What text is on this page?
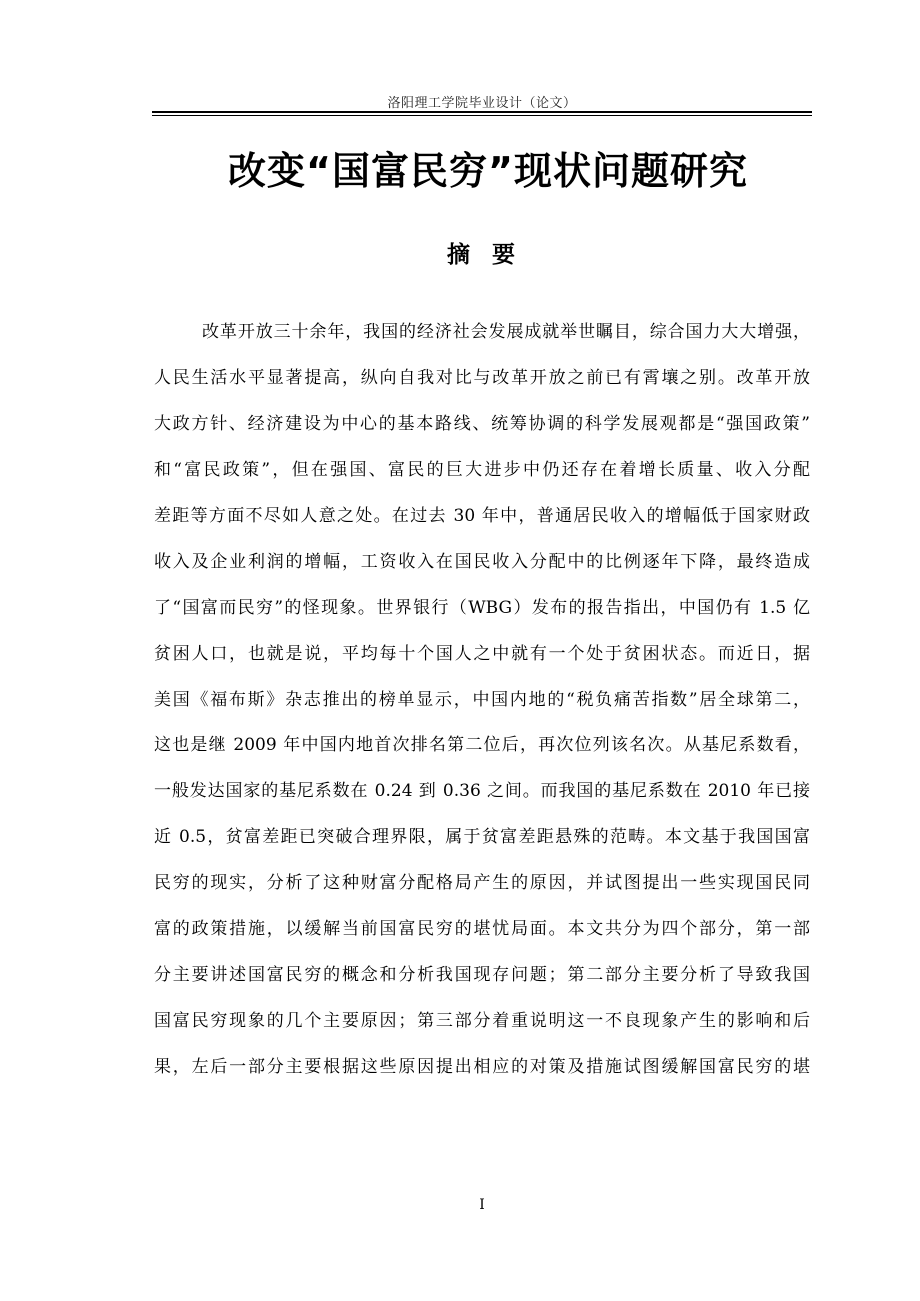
洛阳理工学院毕业设计（论文）
改变“国富民穷”现状问题研究
摘  要
改革开放三十余年，我国的经济社会发展成就举世瞩目，综合国力大大增强，
人民生活水平显著提高，纵向自我对比与改革开放之前已有霄壤之别。改革开放
大政方针、经济建设为中心的基本路线、统筹协调的科学发展观都是“强国政策”
和“富民政策”，但在强国、富民的巨大进步中仍还存在着增长质量、收入分配
差距等方面不尽如人意之处。在过去 30 年中，普通居民收入的增幅低于国家财政
收入及企业利润的增幅，工资收入在国民收入分配中的比例逐年下降，最终造成
了“国富而民穷”的怪现象。世界银行（WBG）发布的报告指出，中国仍有 1.5 亿
贫困人口，也就是说，平均每十个国人之中就有一个处于贫困状态。而近日，据
美国《福布斯》杂志推出的榜单显示，中国内地的“税负痛苦指数”居全球第二，
这也是继 2009 年中国内地首次排名第二位后，再次位列该名次。从基尼系数看，
一般发达国家的基尼系数在 0.24 到 0.36 之间。而我国的基尼系数在 2010 年已接
近 0.5，贫富差距已突破合理界限，属于贫富差距悬殊的范畴。本文基于我国国富
民穷的现实，分析了这种财富分配格局产生的原因，并试图提出一些实现国民同
富的政策措施，以缓解当前国富民穷的堪忧局面。本文共分为四个部分，第一部
分主要讲述国富民穷的概念和分析我国现存问题；第二部分主要分析了导致我国
国富民穷现象的几个主要原因；第三部分着重说明这一不良现象产生的影响和后
果，左后一部分主要根据这些原因提出相应的对策及措施试图缓解国富民穷的堪
I
